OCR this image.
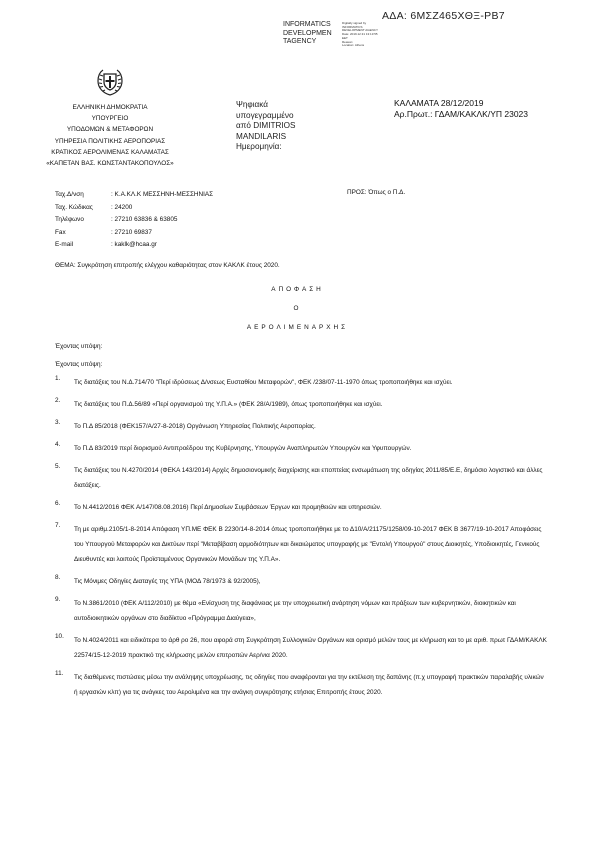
ΑΔΑ: 6ΜΣΖ465ΧΘΞ-ΡΒ7
INFORMATICS
DEVELOPMEN
TAGENCY
Digitally signed by
INFORMATICS
DEVELOPMENT AGENCY
Date: 2019.12.31 13:13:55
EET
Reason:
Location: Athens
ΕΛΛΗΝΙΚΗ ΔΗΜΟΚΡΑΤΙΑ
ΥΠΟΥΡΓΕΙΟ
ΥΠΟΔΟΜΩΝ & ΜΕΤΑΦΟΡΩΝ
ΥΠΗΡΕΣΙΑ ΠΟΛΙΤΙΚΗΣ ΑΕΡΟΠΟΡΙΑΣ
ΚΡΑΤΙΚΟΣ ΑΕΡΟΛΙΜΕΝΑΣ ΚΑΛΑΜΑΤΑΣ
«ΚΑΠΕΤΑΝ ΒΑΣ. ΚΩΝΣΤΑΝΤΑΚΟΠΟΥΛΟΣ»
Ψηφιακά
υπογεγραμμένο
από DIMITRIOS
MANDILARIS
Ημερομηνία:
ΚΑΛΑΜΑΤΑ 28/12/2019
Αρ.Πρωτ.: ΓΔΑΜ/ΚΑΚΛΚ/ΥΠ 23023
Ταχ.Δ/νση	: Κ.Α.ΚΛ.Κ ΜΕΣΣΗΝΗ-ΜΕΣΣΗΝΙΑΣ
Ταχ. Κώδικας	: 24200
Τηλέφωνο	: 27210 63836 & 63805
Fax	: 27210 69837
E-mail	: kaklk@hcaa.gr
ΠΡΟΣ: Όπως ο Π.Δ.
ΘΕΜΑ: Συγκρότηση επιτροπής ελέγχου καθαριότητας στον ΚΑΚΛΚ έτους 2020.
ΑΠΟΦΑΣΗ
Ο
ΑΕΡΟΛΙΜΕΝΑΡΧΗΣ
Έχοντας υπόψη:
Έχοντας υπόψη:
1.
Τις διατάξεις του Ν.Δ.714/70 "Περί ιδρύσεως Δ/νσεως Ευσταθίου Μεταφορών", ΦΕΚ /238/07-11-1970 όπως τροποποιήθηκε και ισχύει.
2.
Τις διατάξεις του Π.Δ.56/89 «Περί οργανισμού της Υ.Π.Α.» (ΦΕΚ 28/Α/1989), όπως τροποποιήθηκε και ισχύει.
3.
Το Π.Δ 85/2018 (ΦΕΚ157/Α/27-8-2018) Οργάνωση Υπηρεσίας Πολιτικής Αεροπορίας.
4.
Το Π.Δ 83/2019 περί διορισμού Αντιπροέδρου της Κυβέρνησης, Υπουργών Αναπληρωτών Υπουργών και Υφυπουργών.
5.
Τις διατάξεις του Ν.4270/2014 (ΦΕΚΑ 143/2014) Αρχές δημοσιονομικής διαχείρισης και εποπτείας ενσωμάτωση της οδηγίας 2011/85/Ε.Ε, δημόσιο λογιστικό και άλλες διατάξεις.
6.
Το Ν.4412/2016 ΦΕΚ Α/147/08.08.2016) Περί Δημοσίων Συμβάσεων Έργων και προμηθειών και υπηρεσιών.
7.
Τη με αριθμ.2105/1-8-2014 Απόφαση ΥΠ.ΜΕ ΦΕΚ Β 2230/14-8-2014 όπως τροποποιήθηκε με το Δ10/Α/21175/1258/09-10-2017 ΦΕΚ Β 3677/19-10-2017 Αποφάσεις του Υπουργού Μεταφορών και Δικτύων περί "Μεταβίβαση αρμοδιότητων και δικαιώματος υπογραφής με "Εντολή Υπουργού" στους Διοικητές, Υποδιοικητές, Γενικούς Διευθυντές και λοιπούς Προϊσταμένους Οργανικών Μονάδων της Υ.Π.Α».
8.
Τις Μόνιμες Οδηγίες Διαταγές της ΥΠΑ (ΜΟΔ 78/1973 & 92/2005),
9.
Το Ν.3861/2010 (ΦΕΚ Α/112/2010) με θέμα «Ενίσχυση της διαφάνειας με την υποχρεωτική ανάρτηση νόμων και πράξεων των κυβερνητικών, διοικητικών και αυτοδιοικητικών οργάνων στο διαδίκτυο «Πρόγραμμα Διαύγεια»,
10.
Το Ν.4024/2011 και ειδικότερα το άρθ ρο 26, που αφορά στη Συγκρότηση Συλλογικών Οργάνων και ορισμό μελών τους με κλήρωση και το με αριθ. πρωτ ΓΔΑΜ/ΚΑΚΛΚ 22574/15-12-2019 πρακτικό της κλήρωσης μελών επιτροπών Αερ/νια 2020.
11.
Τις διαθέμενες πιστώσεις μέσω την ανάληψης υποχρέωσης, τις οδηγίες που αναφέρονται για την εκτέλεση της δαπάνης (π.χ υπογραφή πρακτικών παραλαβής υλικών ή εργασιών κλπ) για τις ανάγκες του Αερολιμένα και την ανάγκη συγκρότησης ετήσιας Επιτροπής έτους 2020.
